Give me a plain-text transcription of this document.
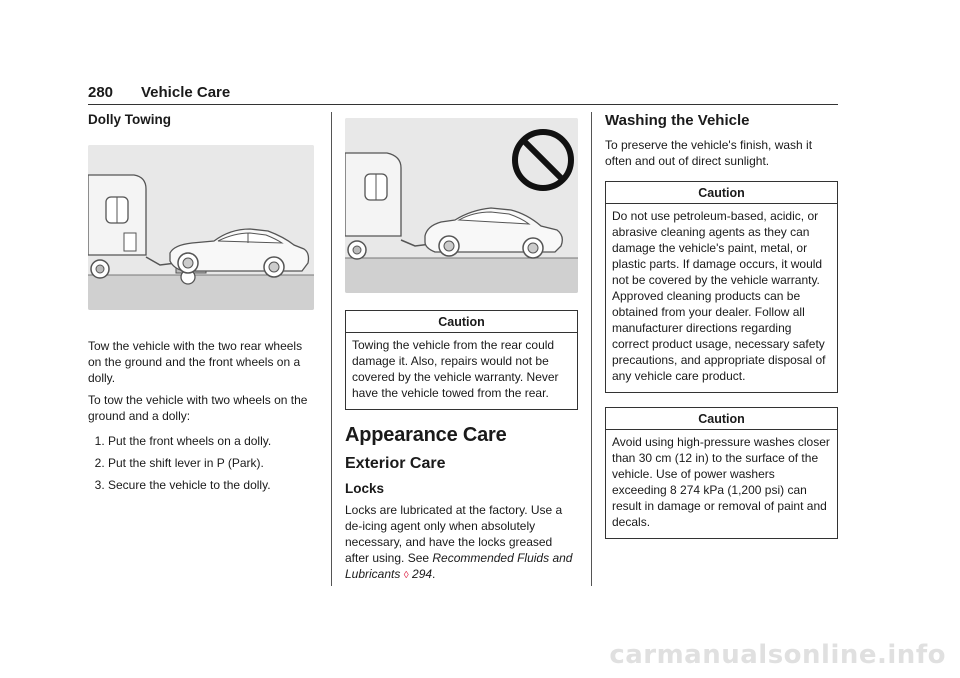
280 Vehicle Care
Dolly Towing

Tow the vehicle with the two rear wheels on the ground and the front wheels on a dolly.

To tow the vehicle with two wheels on the ground and a dolly:

1. Put the front wheels on a dolly.
2. Put the shift lever in P (Park).
3. Secure the vehicle to the dolly.
Caution
Towing the vehicle from the rear could damage it. Also, repairs would not be covered by the vehicle warranty. Never have the vehicle towed from the rear.
Appearance Care
Exterior Care
Locks

Locks are lubricated at the factory. Use a de-icing agent only when absolutely necessary, and have the locks greased after using. See Recommended Fluids and Lubricants ◊ 294.

Washing the Vehicle

To preserve the vehicle's finish, wash it often and out of direct sunlight.

Caution
Do not use petroleum-based, acidic, or abrasive cleaning agents as they can damage the vehicle's paint, metal, or plastic parts. If damage occurs, it would not be covered by the vehicle warranty. Approved cleaning products can be obtained from your dealer. Follow all manufacturer directions regarding correct product usage, necessary safety precautions, and appropriate disposal of any vehicle care product.
Caution
Avoid using high-pressure washes closer than 30 cm (12 in) to the surface of the vehicle. Use of power washers exceeding 8 274 kPa (1,200 psi) can result in damage or removal of paint and decals.
carmanualsonline.info
